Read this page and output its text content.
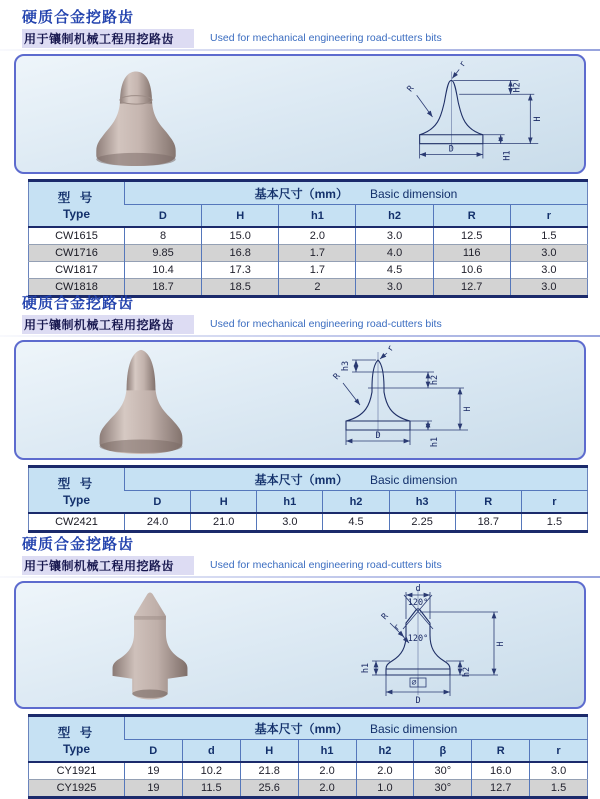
硬质合金挖路齿
用于镶制机械工程用挖路齿	Used for mechanical engineering road-cutters bits
r
R	H2
H
H1
D
型 号
Type	基本尺寸（mm） Basic dimension					
	D	H	h1	h2	R	r
CW1615	8	15.0	2.0	3.0	12.5	1.5
CW1716	9.85	16.8	1.7	4.0	116	3.0
CW1817	10.4	17.3	1.7	4.5	10.6	3.0
CW1818	18.7	18.5	2	3.0	12.7	3.0
硬质合金挖路齿
用于镶制机械工程用挖路齿	Used for mechanical engineering road-cutters bits
h3
r
h2
R
H
h1
D
型 号
Type	基本尺寸（mm） Basic dimension						
	D	H	h1	h2	h3	R	r
CW2421	24.0	21.0	3.0	4.5	2.25	18.7	1.5
硬质合金挖路齿
用于镶制机械工程用挖路齿	Used for mechanical engineering road-cutters bits
120°
120°
d
R
r
h1	h2
H
⌀
D
型 号
Type	基本尺寸（mm） Basic dimension							
	D	d	H	h1	h2	β	R	r
CY1921	19	10.2	21.8	2.0	2.0	30°	16.0	3.0
CY1925	19	11.5	25.6	2.0	1.0	30°	12.7	1.5
